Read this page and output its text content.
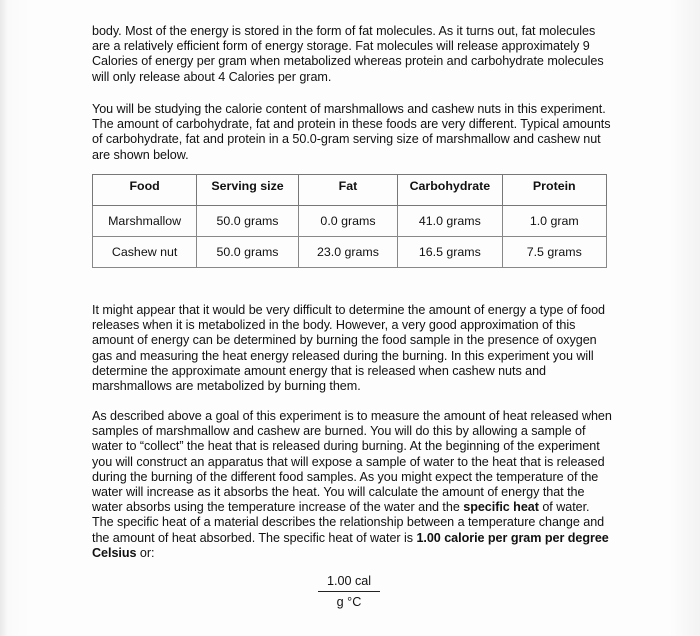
body. Most of the energy is stored in the form of fat molecules. As it turns out, fat molecules are a relatively efficient form of energy storage. Fat molecules will release approximately 9 Calories of energy per gram when metabolized whereas protein and carbohydrate molecules will only release about 4 Calories per gram.

You will be studying the calorie content of marshmallows and cashew nuts in this experiment. The amount of carbohydrate, fat and protein in these foods are very different. Typical amounts of carbohydrate, fat and protein in a 50.0-gram serving size of marshmallow and cashew nut are shown below.

Food	Serving size	Fat	Carbohydrate	Protein
Marshmallow	50.0 grams	0.0 grams	41.0 grams	1.0 gram
Cashew nut	50.0 grams	23.0 grams	16.5 grams	7.5 grams

It might appear that it would be very difficult to determine the amount of energy a type of food releases when it is metabolized in the body. However, a very good approximation of this amount of energy can be determined by burning the food sample in the presence of oxygen gas and measuring the heat energy released during the burning. In this experiment you will determine the approximate amount energy that is released when cashew nuts and marshmallows are metabolized by burning them.

As described above a goal of this experiment is to measure the amount of heat released when samples of marshmallow and cashew are burned. You will do this by allowing a sample of water to “collect” the heat that is released during burning. At the beginning of the experiment you will construct an apparatus that will expose a sample of water to the heat that is released during the burning of the different food samples. As you might expect the temperature of the water will increase as it absorbs the heat. You will calculate the amount of energy that the water absorbs using the temperature increase of the water and the specific heat of water. The specific heat of a material describes the relationship between a temperature change and the amount of heat absorbed. The specific heat of water is 1.00 calorie per gram per degree Celsius or:

1.00 cal
g °C
